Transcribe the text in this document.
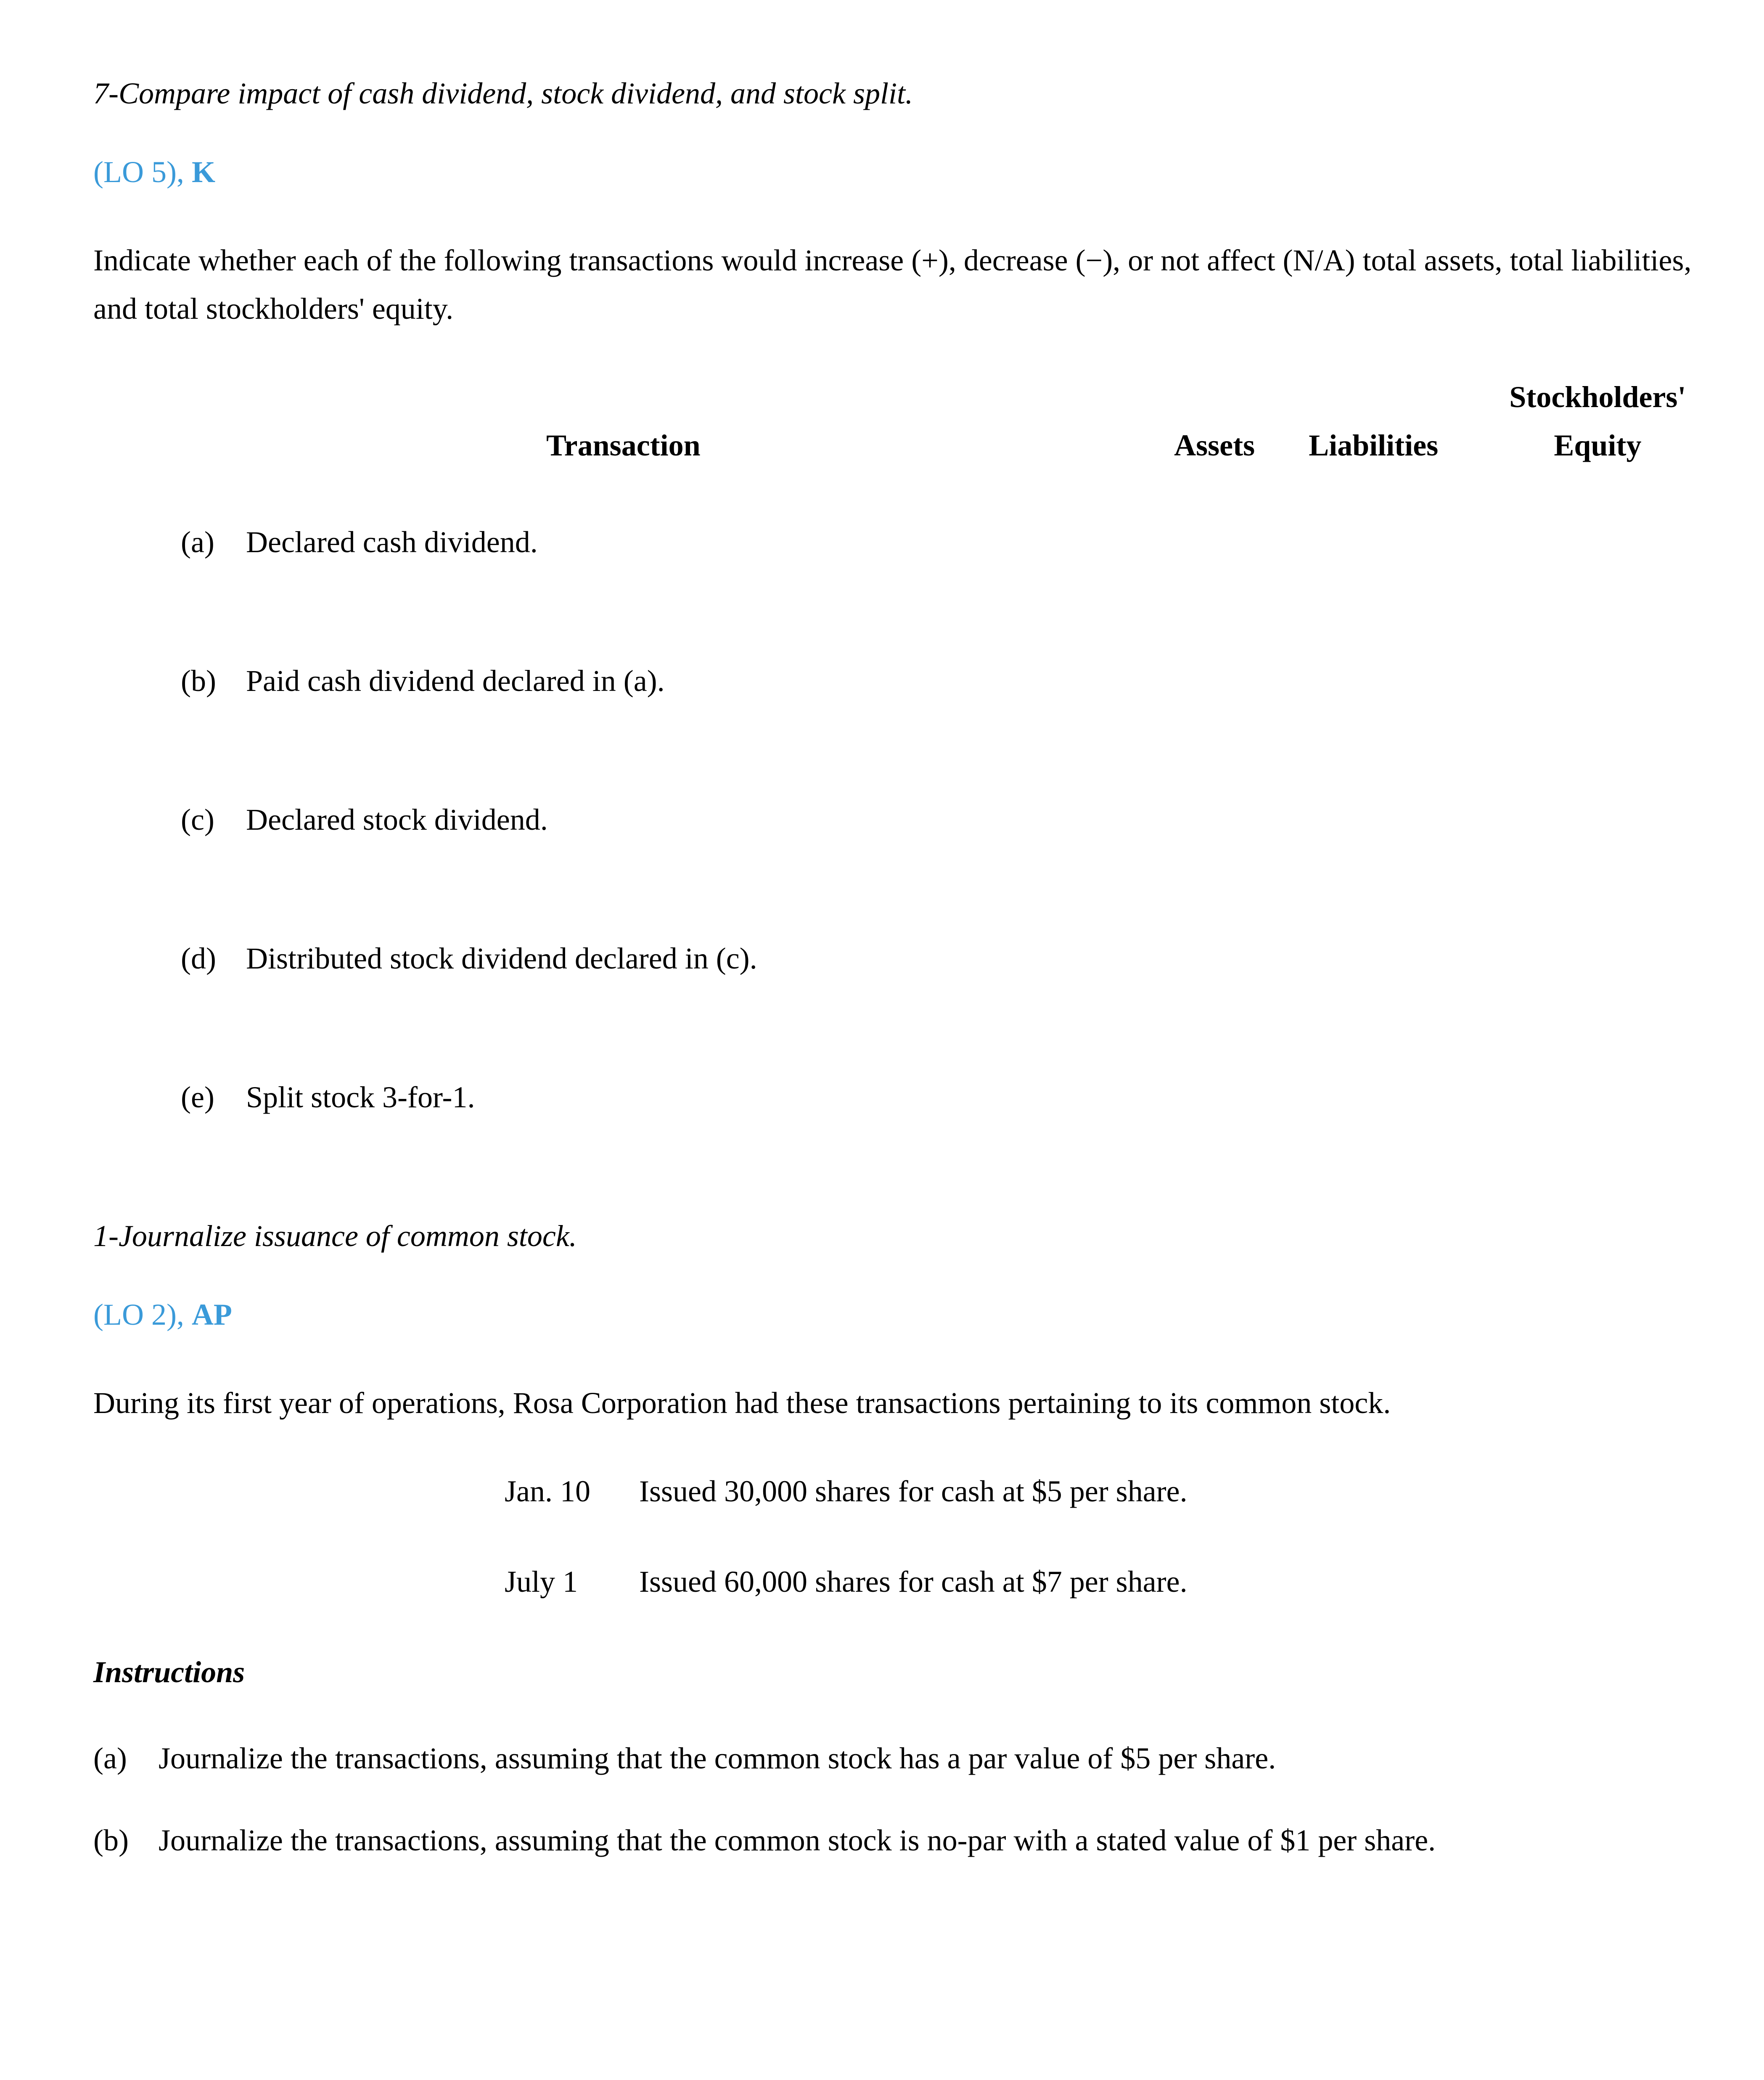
7-Compare impact of cash dividend, stock dividend, and stock split.
(LO 5), K

Indicate whether each of the following transactions would increase (+), decrease (−), or not affect (N/A) total assets, total liabilities, and total stockholders' equity.

Transaction	Assets	Liabilities
Stockholders'
Equity
(a)	Declared cash dividend.
(b) Paid cash dividend declared in (a).
(c)	Declared stock dividend.
(d) Distributed stock dividend declared in (c).
(e)	Split stock 3-for-1.
1-Journalize issuance of common stock.
(LO 2), AP

During its first year of operations, Rosa Corporation had these transactions pertaining to its common stock.

Jan. 10	Issued 30,000 shares for cash at $5 per share.
July 1	Issued 60,000 shares for cash at $7 per share.
Instructions
(a)	Journalize the transactions, assuming that the common stock has a par value of $5 per share.
(b) Journalize the transactions, assuming that the common stock is no-par with a stated value of $1 per share.
